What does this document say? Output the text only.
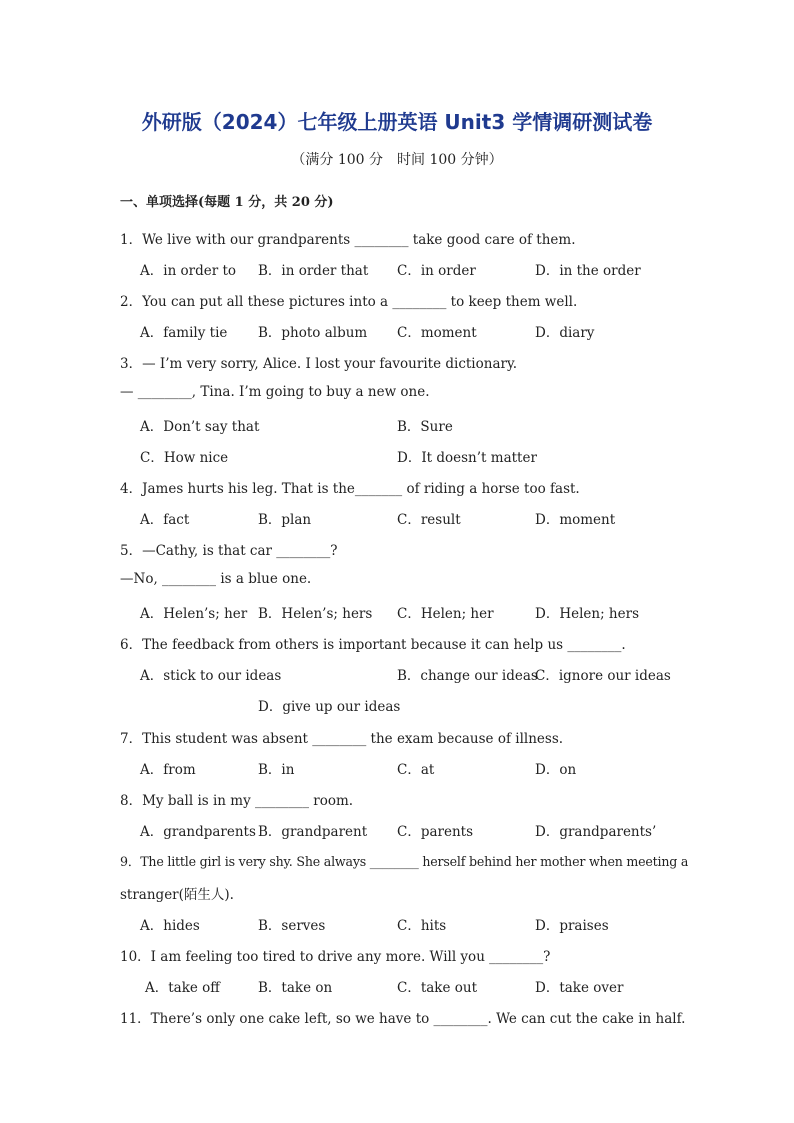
外研版（2024）七年级上册英语 Unit3 学情调研测试卷
（满分 100 分　时间 100 分钟）
一、单项选择(每题 1 分，共 20 分)
1．We live with our grandparents ________ take good care of them.
A．in order to B．in order that C．in order	D．in the order
2．You can put all these pictures into a ________ to keep them well.
A．family tie B．photo album C．moment	D．diary
3．— I’m very sorry, Alice. I lost your favourite dictionary.
— ________, Tina. I’m going to buy a new one.
A．Don’t say that	B．Sure
C．How nice	D．It doesn’t matter
4．James hurts his leg. That is the_______ of riding a horse too fast.
A．fact	B．plan	C．result	D．moment
5．—Cathy, is that car ________?
—No, ________ is a blue one.
A．Helen’s; her B．Helen’s; hers C．Helen; her	D．Helen; hers
6．The feedback from others is important because it can help us ________.
A．stick to our ideas	B．change our ideas
C．ignore our ideas
D．give up our ideas
7．This student was absent ________ the exam because of illness.
A．from	B．in	C．at	D．on
8．My ball is in my ________ room.
A．grandparents B．grandparent C．parents	D．grandparents’
9．The little girl is very shy. She always ________ herself behind her mother when meeting a
stranger(陌生人).
A．hides	B．serves	C．hits	D．praises
10．I am feeling too tired to drive any more. Will you ________?
A．take off	B．take on	C．take out	D．take over
11．There’s only one cake left, so we have to ________. We can cut the cake in half.
